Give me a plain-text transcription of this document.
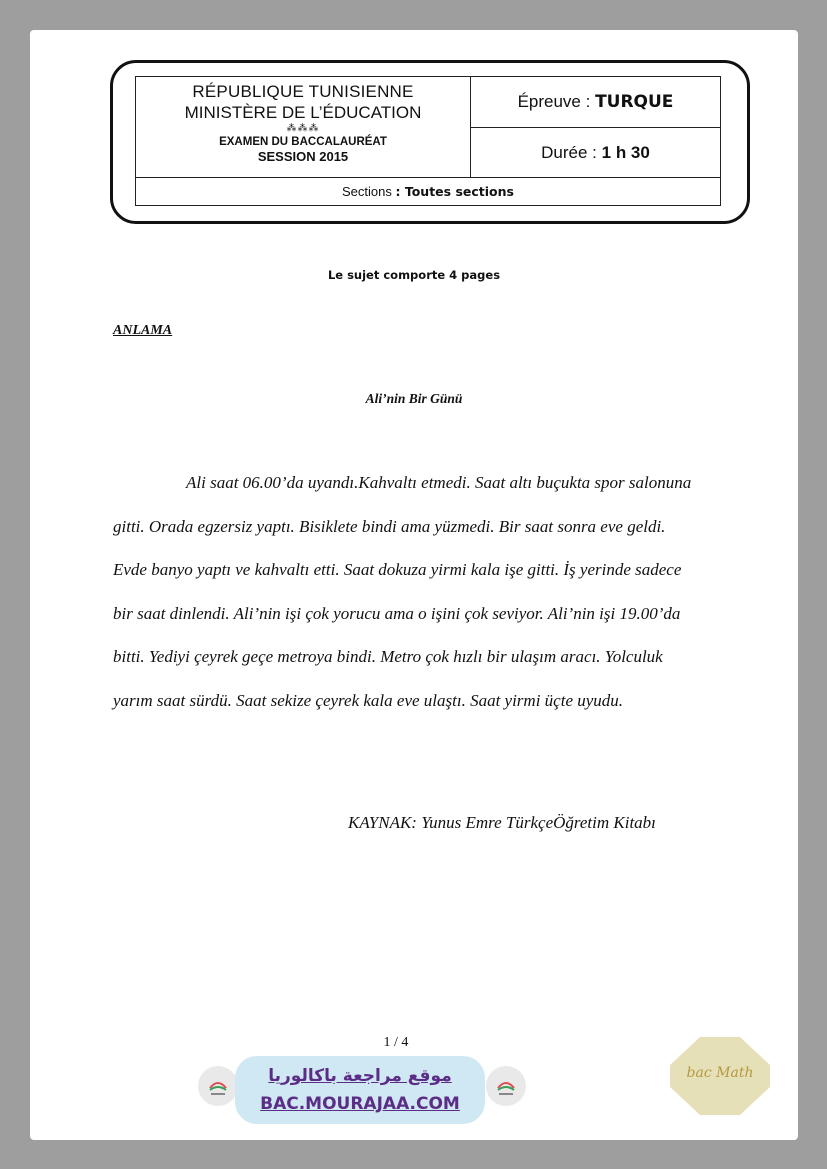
RÉPUBLIQUE TUNISIENNE
MINISTÈRE DE L’ÉDUCATION
⁂⁂⁂
EXAMEN DU BACCALAURÉAT
SESSION 2015
Épreuve : TURQUE
Durée : 1 h 30
Sections : Toutes sections
Le sujet comporte 4 pages
ANLAMA
Ali’nin Bir Günü
Ali saat 06.00’da uyandı.Kahvaltı etmedi. Saat altı buçukta spor salonuna
gitti. Orada egzersiz yaptı. Bisiklete bindi ama yüzmedi. Bir saat sonra eve geldi.
Evde banyo yaptı ve kahvaltı etti. Saat dokuza yirmi kala işe gitti. İş yerinde sadece
bir saat dinlendi. Ali’nin işi çok yorucu ama o işini çok seviyor. Ali’nin işi 19.00’da
bitti. Yediyi çeyrek geçe metroya bindi. Metro çok hızlı bir ulaşım aracı. Yolculuk
yarım saat sürdü. Saat sekize çeyrek kala eve ulaştı. Saat yirmi üçte uyudu.
KAYNAK: Yunus Emre TürkçeÖğretim Kitabı
1 / 4
موقع مراجعة باكالوريا
BAC.MOURAJAA.COM
bac Math
